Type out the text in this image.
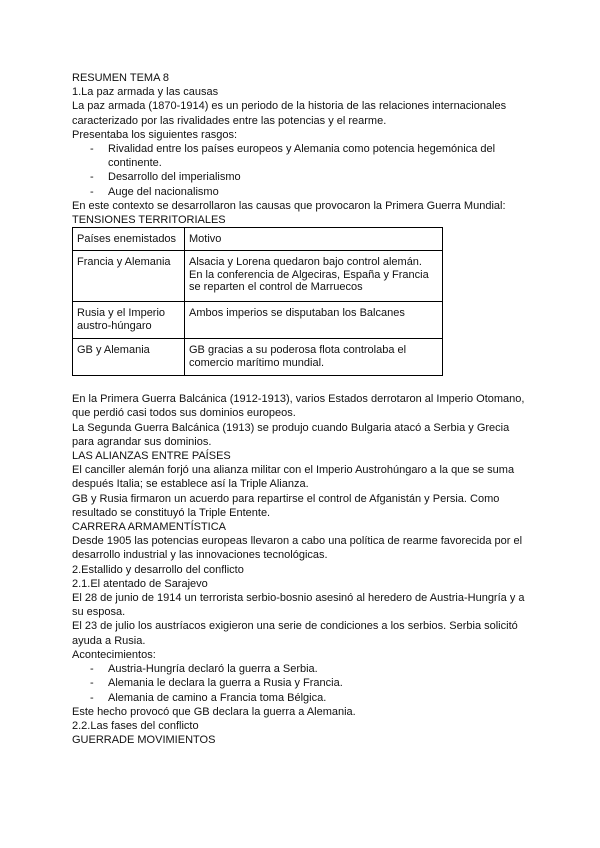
RESUMEN TEMA 8
1.La paz armada y las causas
La paz armada (1870-1914) es un periodo de la historia de las relaciones internacionales caracterizado por las rivalidades entre las potencias y el rearme.
Presentaba los siguientes rasgos:
- Rivalidad entre los países europeos y Alemania como potencia hegemónica del continente.
- Desarrollo del imperialismo
- Auge del nacionalismo
En este contexto se desarrollaron las causas que provocaron la Primera Guerra Mundial:
TENSIONES TERRITORIALES
Países enemistados	Motivo
Francia y Alemania	Alsacia y Lorena quedaron bajo control alemán. En la conferencia de Algeciras, España y Francia se reparten el control de Marruecos
Rusia y el Imperio austro-húngaro	Ambos imperios se disputaban los Balcanes
GB y Alemania	GB gracias a su poderosa flota controlaba el comercio marítimo mundial.
En la Primera Guerra Balcánica (1912-1913), varios Estados derrotaron al Imperio Otomano, que perdió casi todos sus dominios europeos.
La Segunda Guerra Balcánica (1913) se produjo cuando Bulgaria atacó a Serbia y Grecia para agrandar sus dominios.
LAS ALIANZAS ENTRE PAÍSES
El canciller alemán forjó una alianza militar con el Imperio Austrohúngaro a la que se suma después Italia; se establece así la Triple Alianza.
GB y Rusia firmaron un acuerdo para repartirse el control de Afganistán y Persia. Como resultado se constituyó la Triple Entente.
CARRERA ARMAMENTÍSTICA
Desde 1905 las potencias europeas llevaron a cabo una política de rearme favorecida por el desarrollo industrial y las innovaciones tecnológicas.
2.Estallido y desarrollo del conflicto
2.1.El atentado de Sarajevo
El 28 de junio de 1914 un terrorista serbio-bosnio asesinó al heredero de Austria-Hungría y a su esposa.
El 23 de julio los austríacos exigieron una serie de condiciones a los serbios. Serbia solicitó ayuda a Rusia.
Acontecimientos:
- Austria-Hungría declaró la guerra a Serbia.
- Alemania le declara la guerra a Rusia y Francia.
- Alemania de camino a Francia toma Bélgica.
Este hecho provocó que GB declara la guerra a Alemania.
2.2.Las fases del conflicto
GUERRADE MOVIMIENTOS
